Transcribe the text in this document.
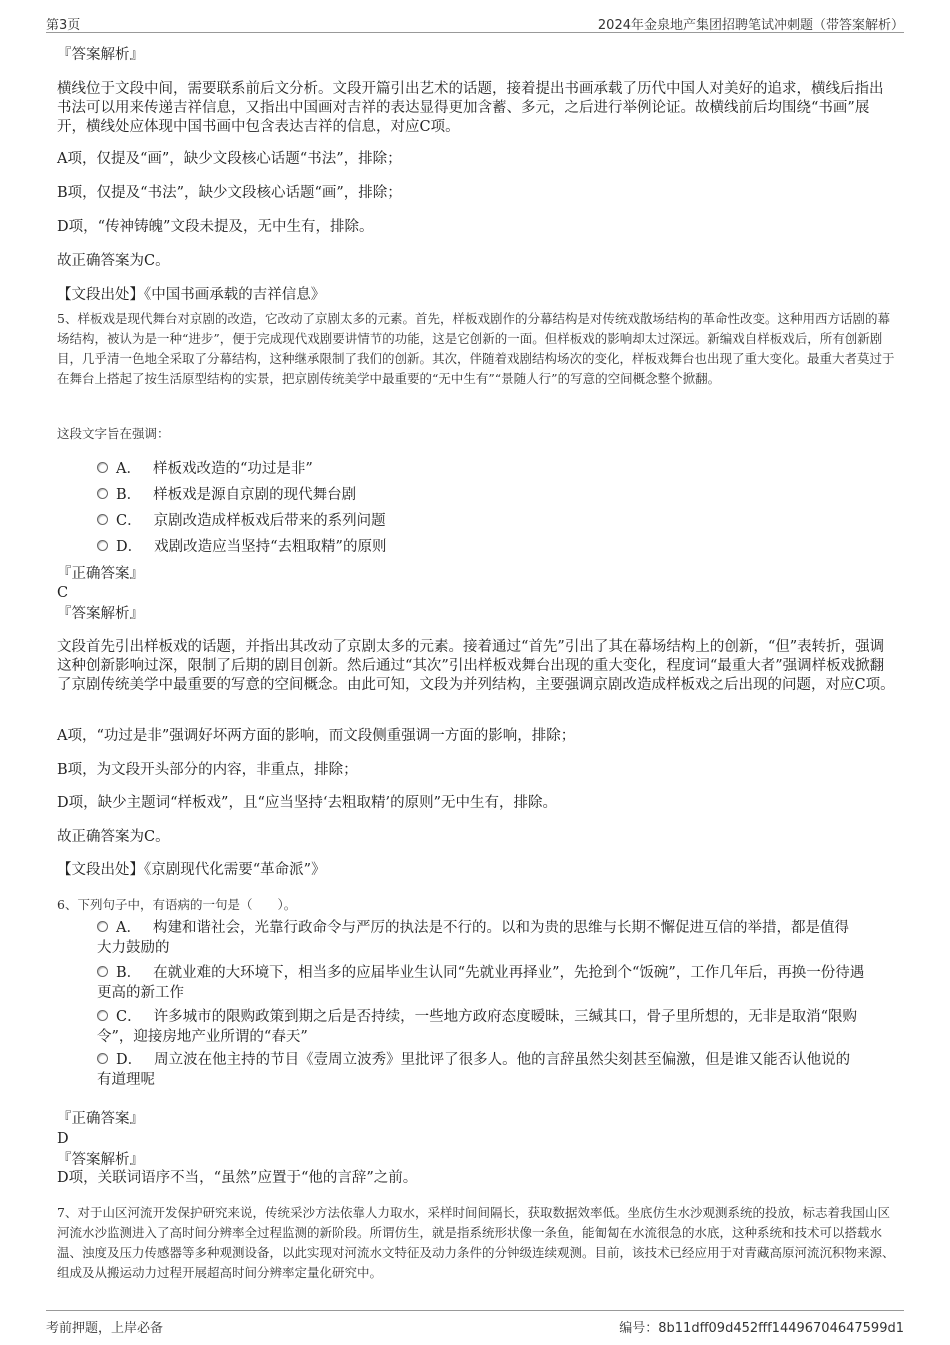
第3页	2024年金泉地产集团招聘笔试冲刺题（带答案解析）
『答案解析』
横线位于文段中间，需要联系前后文分析。文段开篇引出艺术的话题，接着提出书画承载了历代中国人对美好的追求，横线后指出书法可以用来传递吉祥信息，又指出中国画对吉祥的表达显得更加含蓄、多元，之后进行举例论证。故横线前后均围绕“书画”展开，横线处应体现中国书画中包含表达吉祥的信息，对应C项。
A项，仅提及“画”，缺少文段核心话题“书法”，排除；
B项，仅提及“书法”，缺少文段核心话题“画”，排除；
D项，“传神铸魄”文段未提及，无中生有，排除。
故正确答案为C。
【文段出处】《中国书画承载的吉祥信息》
5、样板戏是现代舞台对京剧的改造，它改动了京剧太多的元素。首先，样板戏剧作的分幕结构是对传统戏散场结构的革命性改变。这种用西方话剧的幕场结构，被认为是一种“进步”，便于完成现代戏剧要讲情节的功能，这是它创新的一面。但样板戏的影响却太过深远。新编戏自样板戏后，所有创新剧目，几乎清一色地全采取了分幕结构，这种继承限制了我们的创新。其次，伴随着戏剧结构场次的变化，样板戏舞台也出现了重大变化。最重大者莫过于在舞台上搭起了按生活原型结构的实景，把京剧传统美学中最重要的“无中生有”“景随人行”的写意的空间概念整个掀翻。
这段文字旨在强调：
A． 样板戏改造的“功过是非”
B． 样板戏是源自京剧的现代舞台剧
C． 京剧改造成样板戏后带来的系列问题
D． 戏剧改造应当坚持“去粗取精”的原则
『正确答案』
C
『答案解析』
文段首先引出样板戏的话题，并指出其改动了京剧太多的元素。接着通过“首先”引出了其在幕场结构上的创新，“但”表转折，强调这种创新影响过深，限制了后期的剧目创新。然后通过“其次”引出样板戏舞台出现的重大变化，程度词“最重大者”强调样板戏掀翻了京剧传统美学中最重要的写意的空间概念。由此可知，文段为并列结构，主要强调京剧改造成样板戏之后出现的问题，对应C项。
A项，“功过是非”强调好坏两方面的影响，而文段侧重强调一方面的影响，排除；
B项，为文段开头部分的内容，非重点，排除；
D项，缺少主题词“样板戏”，且“应当坚持‘去粗取精’的原则”无中生有，排除。
故正确答案为C。
【文段出处】《京剧现代化需要“革命派”》
6、下列句子中，有语病的一句是（　　）。
A． 构建和谐社会，光靠行政命令与严厉的执法是不行的。以和为贵的思维与长期不懈促进互信的举措，都是值得
大力鼓励的
B． 在就业难的大环境下，相当多的应届毕业生认同“先就业再择业”，先抢到个“饭碗”，工作几年后，再换一份待遇
更高的新工作
C． 许多城市的限购政策到期之后是否持续，一些地方政府态度暧昧，三缄其口，骨子里所想的，无非是取消“限购
令”，迎接房地产业所谓的“春天”
D． 周立波在他主持的节目《壹周立波秀》里批评了很多人。他的言辞虽然尖刻甚至偏激，但是谁又能否认他说的
有道理呢
『正确答案』
D
『答案解析』
D项，关联词语序不当，“虽然”应置于“他的言辞”之前。
7、对于山区河流开发保护研究来说，传统采沙方法依靠人力取水，采样时间间隔长，获取数据效率低。坐底仿生水沙观测系统的投放，标志着我国山区河流水沙监测进入了高时间分辨率全过程监测的新阶段。所谓仿生，就是指系统形状像一条鱼，能匍匐在水流很急的水底，这种系统和技术可以搭载水温、浊度及压力传感器等多种观测设备，以此实现对河流水文特征及动力条件的分钟级连续观测。目前，该技术已经应用于对青藏高原河流沉积物来源、组成及从搬运动力过程开展超高时间分辨率定量化研究中。
考前押题，上岸必备	编号：8b11dff09d452fff14496704647599d1
